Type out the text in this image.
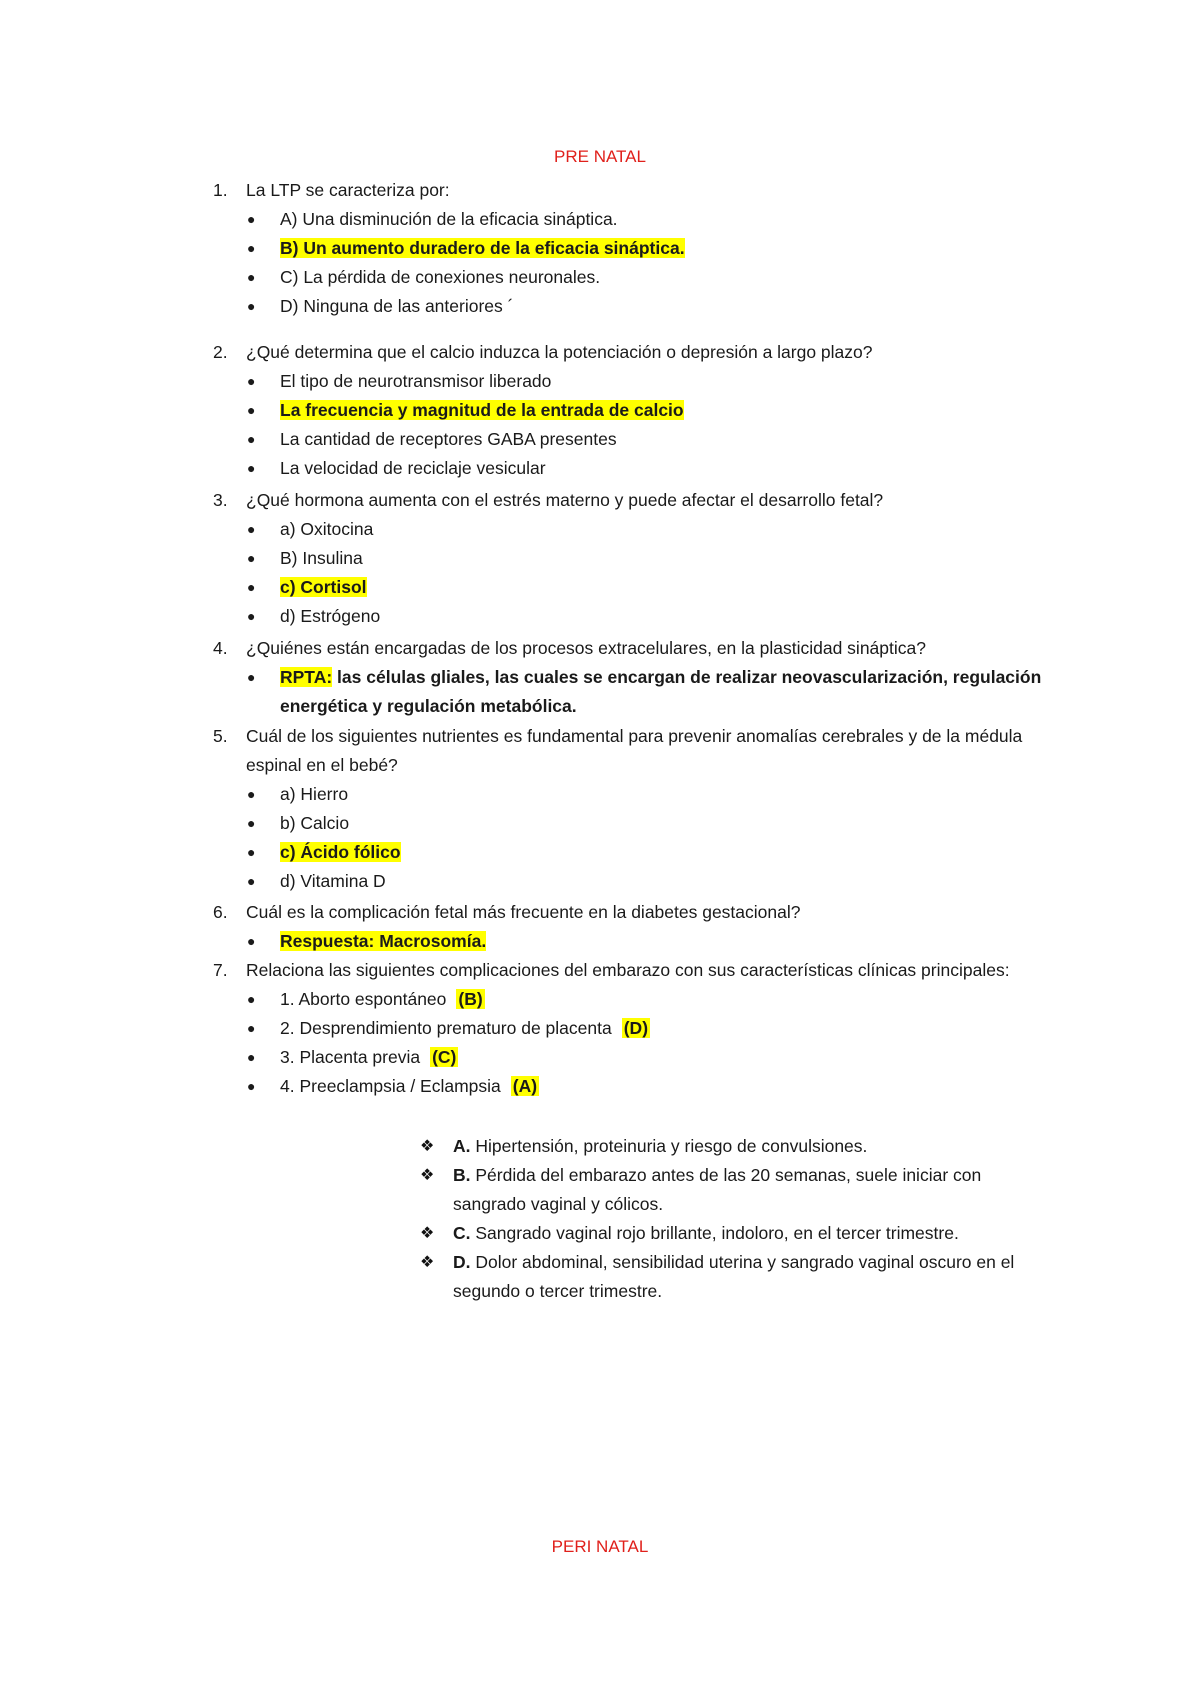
PRE NATAL
1. La LTP se caracteriza por:
●	A) Una disminución de la eficacia sináptica.
●	B) Un aumento duradero de la eficacia sináptica.
●	C) La pérdida de conexiones neuronales.
●	D) Ninguna de las anteriores ´
2. ¿Qué determina que el calcio induzca la potenciación o depresión a largo plazo?
●	El tipo de neurotransmisor liberado
●	La frecuencia y magnitud de la entrada de calcio
●	La cantidad de receptores GABA presentes
●	La velocidad de reciclaje vesicular
3. ¿Qué hormona aumenta con el estrés materno y puede afectar el desarrollo fetal?
●	a) Oxitocina
●	B) Insulina
●	c) Cortisol
●	d) Estrógeno
4. ¿Quiénes están encargadas de los procesos extracelulares, en la plasticidad sináptica?
●	RPTA: las células gliales, las cuales se encargan de realizar neovascularización, regulación energética y regulación metabólica.
5. Cuál de los siguientes nutrientes es fundamental para prevenir anomalías cerebrales y de la médula espinal en el bebé?
●	a) Hierro
●	b) Calcio
●	c) Ácido fólico
●	d) Vitamina D
6. Cuál es la complicación fetal más frecuente en la diabetes gestacional?
●	Respuesta: Macrosomía.
7. Relaciona las siguientes complicaciones del embarazo con sus características clínicas principales:
●	1. Aborto espontáneo (B)
●	2. Desprendimiento prematuro de placenta (D)
●	3. Placenta previa (C)
●	4. Preeclampsia / Eclampsia (A)
❖ A. Hipertensión, proteinuria y riesgo de convulsiones.
❖ B. Pérdida del embarazo antes de las 20 semanas, suele iniciar con sangrado vaginal y cólicos.
❖ C. Sangrado vaginal rojo brillante, indoloro, en el tercer trimestre.
❖ D. Dolor abdominal, sensibilidad uterina y sangrado vaginal oscuro en el segundo o tercer trimestre.
PERI NATAL
